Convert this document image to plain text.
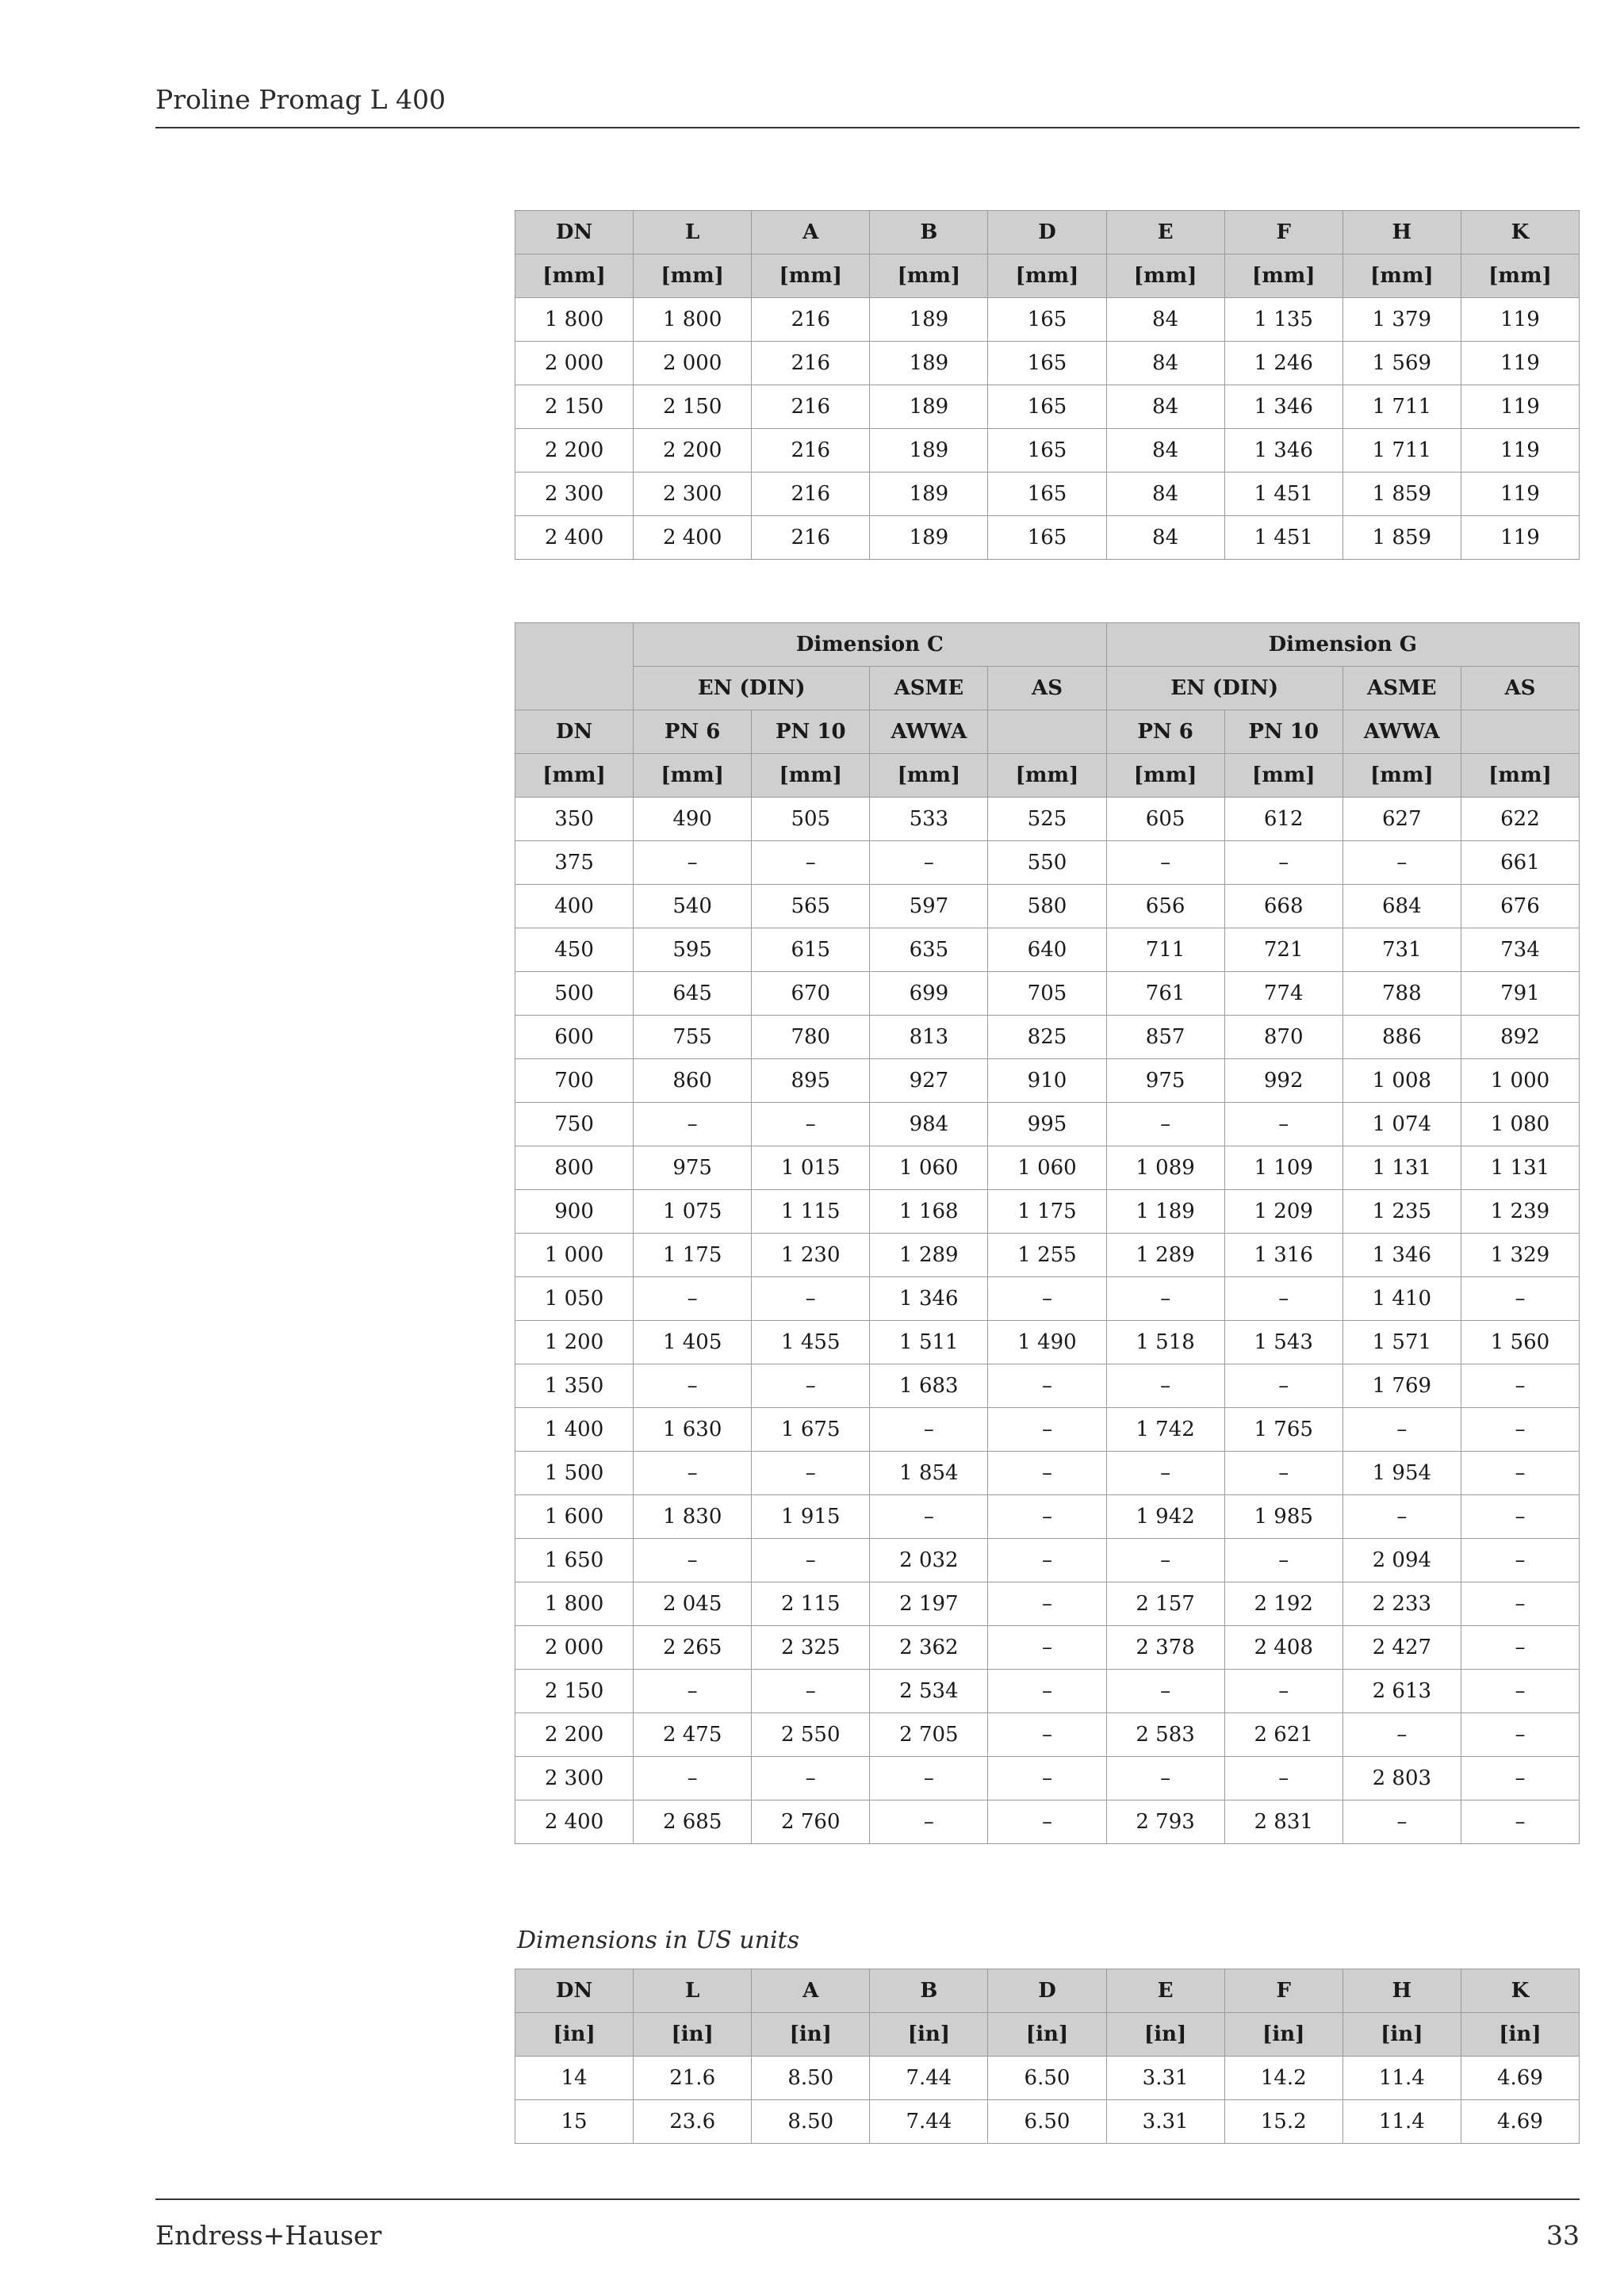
Proline Promag L 400
DN	L	A	B	D	E	F	H	K
[mm]	[mm]	[mm]	[mm]	[mm]	[mm]	[mm]	[mm]	[mm]
1 800	1 800	216	189	165	84	1 135	1 379	119
2 000	2 000	216	189	165	84	1 246	1 569	119
2 150	2 150	216	189	165	84	1 346	1 711	119
2 200	2 200	216	189	165	84	1 346	1 711	119
2 300	2 300	216	189	165	84	1 451	1 859	119
2 400	2 400	216	189	165	84	1 451	1 859	119
	Dimension C				Dimension G			
	EN (DIN)		ASME	AS	EN (DIN)		ASME	AS
DN	PN 6	PN 10	AWWA		PN 6	PN 10	AWWA	
[mm]	[mm]	[mm]	[mm]	[mm]	[mm]	[mm]	[mm]	[mm]
350	490	505	533	525	605	612	627	622
375	–	–	–	550	–	–	–	661
400	540	565	597	580	656	668	684	676
450	595	615	635	640	711	721	731	734
500	645	670	699	705	761	774	788	791
600	755	780	813	825	857	870	886	892
700	860	895	927	910	975	992	1 008	1 000
750	–	–	984	995	–	–	1 074	1 080
800	975	1 015	1 060	1 060	1 089	1 109	1 131	1 131
900	1 075	1 115	1 168	1 175	1 189	1 209	1 235	1 239
1 000	1 175	1 230	1 289	1 255	1 289	1 316	1 346	1 329
1 050	–	–	1 346	–	–	–	1 410	–
1 200	1 405	1 455	1 511	1 490	1 518	1 543	1 571	1 560
1 350	–	–	1 683	–	–	–	1 769	–
1 400	1 630	1 675	–	–	1 742	1 765	–	–
1 500	–	–	1 854	–	–	–	1 954	–
1 600	1 830	1 915	–	–	1 942	1 985	–	–
1 650	–	–	2 032	–	–	–	2 094	–
1 800	2 045	2 115	2 197	–	2 157	2 192	2 233	–
2 000	2 265	2 325	2 362	–	2 378	2 408	2 427	–
2 150	–	–	2 534	–	–	–	2 613	–
2 200	2 475	2 550	2 705	–	2 583	2 621	–	–
2 300	–	–	–	–	–	–	2 803	–
2 400	2 685	2 760	–	–	2 793	2 831	–	–
Dimensions in US units
DN	L	A	B	D	E	F	H	K
[in]	[in]	[in]	[in]	[in]	[in]	[in]	[in]	[in]
14	21.6	8.50	7.44	6.50	3.31	14.2	11.4	4.69
15	23.6	8.50	7.44	6.50	3.31	15.2	11.4	4.69
Endress+Hauser	33
